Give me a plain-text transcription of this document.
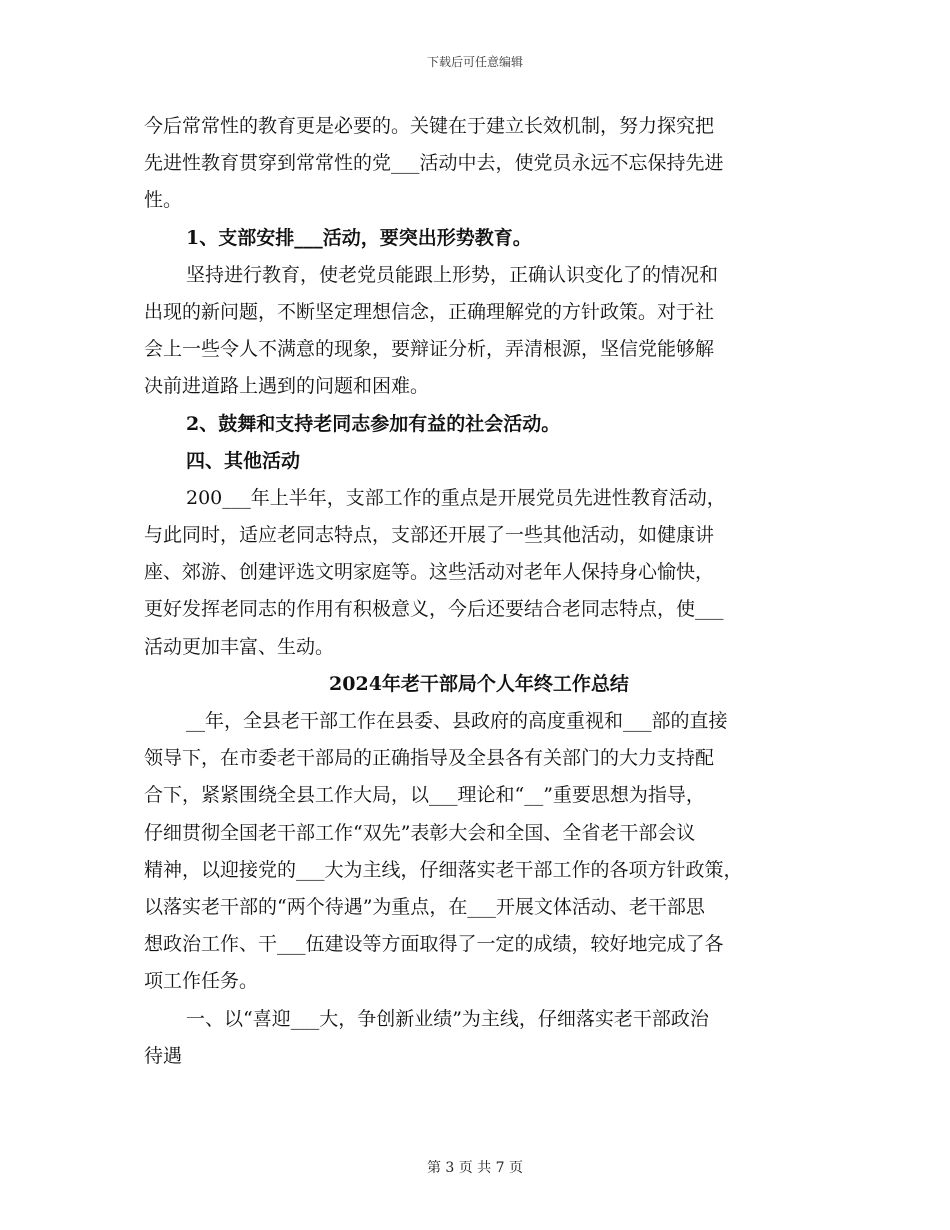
下载后可任意编辑
今后常常性的教育更是必要的。关键在于建立长效机制，努力探究把
先进性教育贯穿到常常性的党___活动中去，使党员永远不忘保持先进
性。
1、支部安排___活动，要突出形势教育。
坚持进行教育，使老党员能跟上形势，正确认识变化了的情况和
出现的新问题，不断坚定理想信念，正确理解党的方针政策。对于社
会上一些令人不满意的现象，要辩证分析，弄清根源，坚信党能够解
决前进道路上遇到的问题和困难。
2、鼓舞和支持老同志参加有益的社会活动。
四、其他活动
200___年上半年，支部工作的重点是开展党员先进性教育活动，
与此同时，适应老同志特点，支部还开展了一些其他活动，如健康讲
座、郊游、创建评选文明家庭等。这些活动对老年人保持身心愉快，
更好发挥老同志的作用有积极意义，今后还要结合老同志特点，使___
活动更加丰富、生动。
2024年老干部局个人年终工作总结
__年，全县老干部工作在县委、县政府的高度重视和___部的直接
领导下，在市委老干部局的正确指导及全县各有关部门的大力支持配
合下，紧紧围绕全县工作大局，以___理论和“__”重要思想为指导，
仔细贯彻全国老干部工作“双先”表彰大会和全国、全省老干部会议
精神，以迎接党的___大为主线，仔细落实老干部工作的各项方针政策，
以落实老干部的“两个待遇”为重点，在___开展文体活动、老干部思
想政治工作、干___伍建设等方面取得了一定的成绩，较好地完成了各
项工作任务。
一、以“喜迎___大，争创新业绩”为主线，仔细落实老干部政治
待遇
第 3 页 共 7 页
